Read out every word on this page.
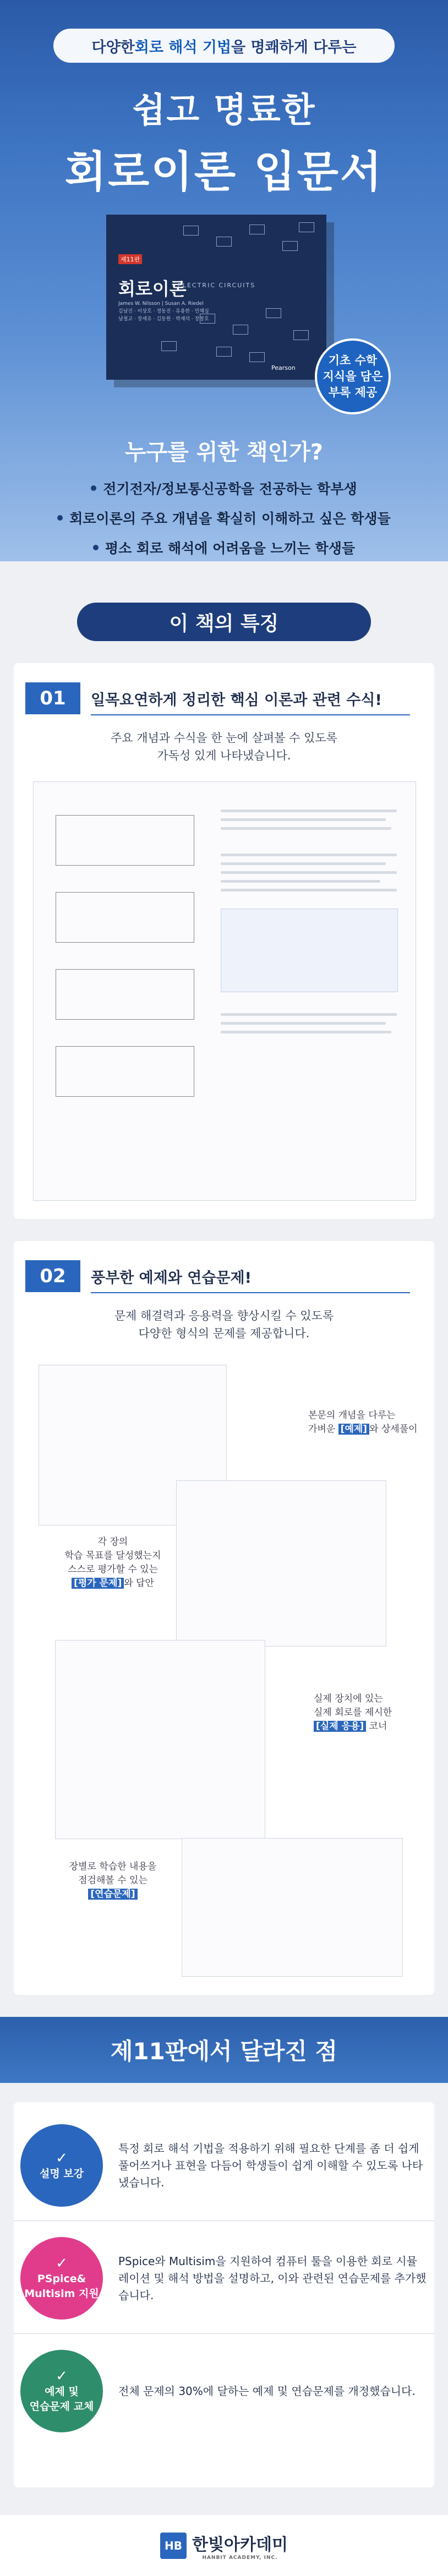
다양한 회로 해석 기법 을 명쾌하게 다루는
쉽고 명료한
회로이론 입문서
제11판
회로이론
ELECTRIC CIRCUITS
James W. Nilsson | Susan A. Riedel
김남진 · 이상호 · 정동진 · 유용한 · 민혜심
남철교 · 장세유 · 김동원 · 박재석 · 장창호
Pearson
기초 수학
지식을 담은
부록 제공
누구를 위한 책인가?
전기전자/정보통신공학을 전공하는 학부생
회로이론의 주요 개념을 확실히 이해하고 싶은 학생들
평소 회로 해석에 어려움을 느끼는 학생들
이 책의 특징
01	일목요연하게 정리한 핵심 이론과 관련 수식!
주요 개념과 수식을 한 눈에 살펴볼 수 있도록
가독성 있게 나타냈습니다.
02	풍부한 예제와 연습문제!
문제 해결력과 응용력을 향상시킬 수 있도록
다양한 형식의 문제를 제공합니다.
본문의 개념을 다루는
가벼운 [예제] 와 상세풀이
각 장의
학습 목표를 달성했는지
스스로 평가할 수 있는
[평가 문제] 와 답안
실제 장치에 있는
실제 회로를 제시한
[실제 응용] 코너
장별로 학습한 내용을
점검해볼 수 있는
[연습문제]
제11판에서 달라진 점
✓
설명 보강
특정 회로 해석 기법을 적용하기 위해 필요한 단계를 좀 더 쉽게 풀어쓰거나 표현을 다듬어 학생들이 쉽게 이해할 수 있도록 나타냈습니다.
✓
PSpice&
Multisim 지원
PSpice와 Multisim을 지원하여 컴퓨터 툴을 이용한 회로 시뮬레이션 및 해석 방법을 설명하고, 이와 관련된 연습문제를 추가했습니다.
✓
예제 및
연습문제 교체
전체 문제의 30%에 달하는 예제 및 연습문제를 개정했습니다.
HB 한빛아카데미
HANBIT ACADEMY, INC.
